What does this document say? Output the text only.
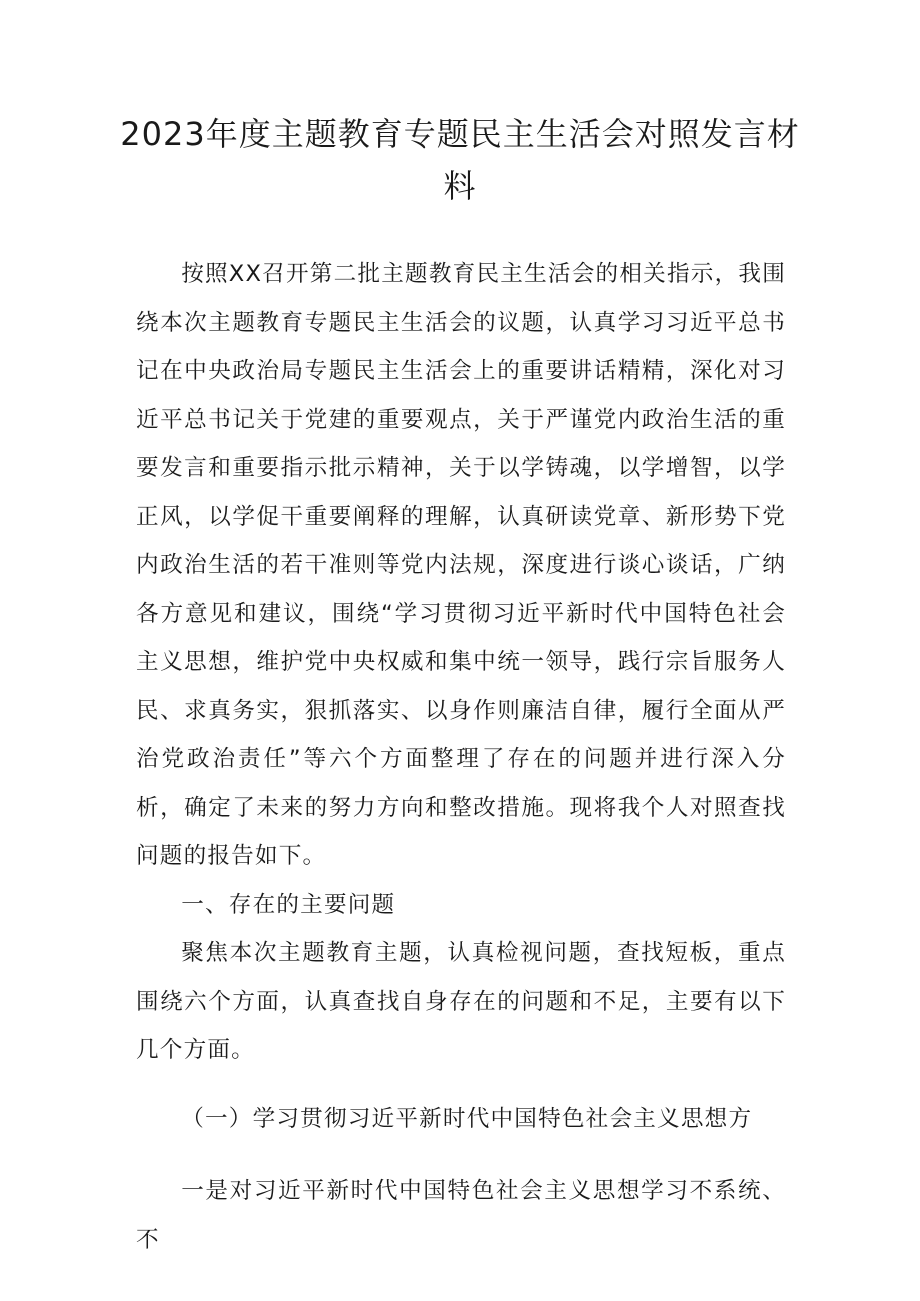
2023年度主题教育专题民主生活会对照发言材料

按照XX召开第二批主题教育民主生活会的相关指示，我围绕本次主题教育专题民主生活会的议题，认真学习习近平总书记在中央政治局专题民主生活会上的重要讲话精精，深化对习近平总书记关于党建的重要观点，关于严谨党内政治生活的重要发言和重要指示批示精神，关于以学铸魂，以学增智，以学正风，以学促干重要阐释的理解，认真研读党章、新形势下党内政治生活的若干准则等党内法规，深度进行谈心谈话，广纳各方意见和建议，围绕“学习贯彻习近平新时代中国特色社会主义思想，维护党中央权威和集中统一领导，践行宗旨服务人民、求真务实，狠抓落实、以身作则廉洁自律，履行全面从严治党政治责任”等六个方面整理了存在的问题并进行深入分析，确定了未来的努力方向和整改措施。现将我个人对照查找问题的报告如下。

一、存在的主要问题

聚焦本次主题教育主题，认真检视问题，查找短板，重点围绕六个方面，认真查找自身存在的问题和不足，主要有以下几个方面。

（一）学习贯彻习近平新时代中国特色社会主义思想方

一是对习近平新时代中国特色社会主义思想学习不系统、不
